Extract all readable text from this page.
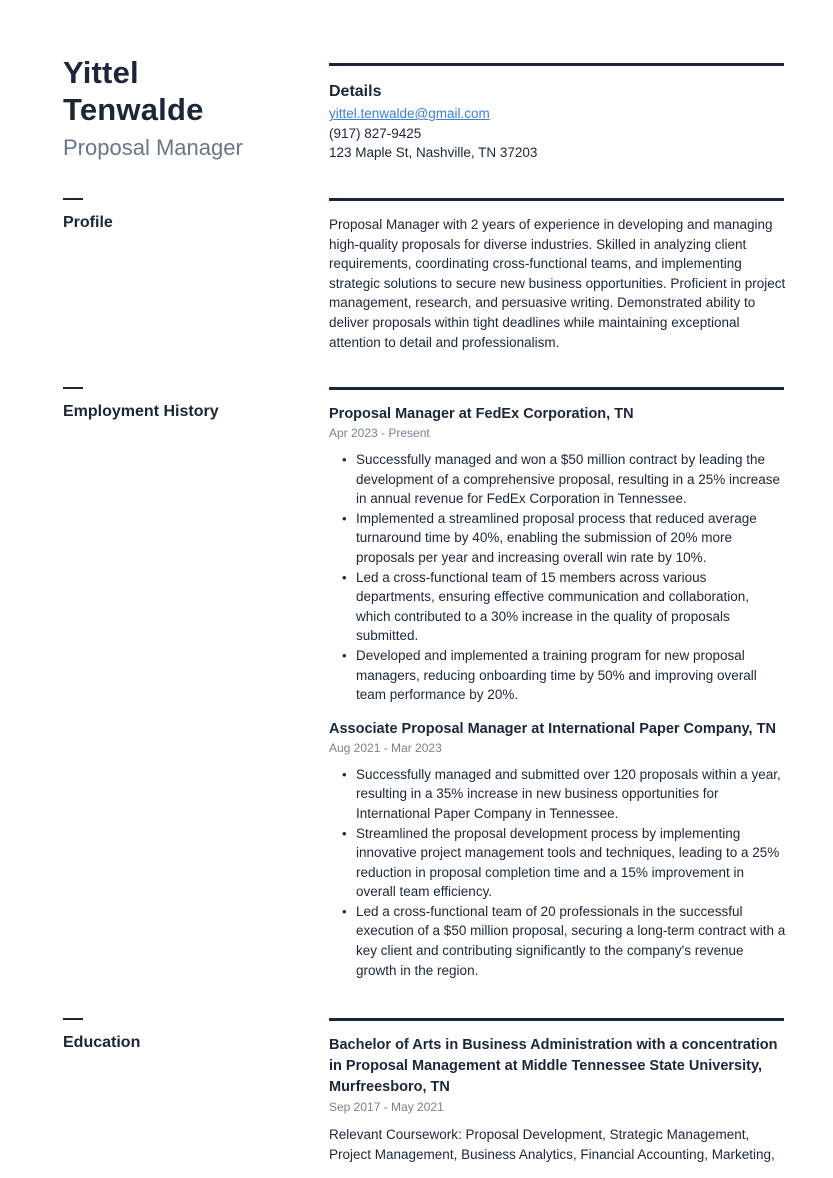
Yittel
Tenwalde
Proposal Manager
Details
yittel.tenwalde@gmail.com
(917) 827-9425
123 Maple St, Nashville, TN 37203
Profile	Proposal Manager with 2 years of experience in developing and managing high-quality proposals for diverse industries. Skilled in analyzing client requirements, coordinating cross-functional teams, and implementing strategic solutions to secure new business opportunities. Proficient in project management, research, and persuasive writing. Demonstrated ability to deliver proposals within tight deadlines while maintaining exceptional attention to detail and professionalism.
Employment History	Proposal Manager at FedEx Corporation, TN
Apr 2023 - Present
• Successfully managed and won a $50 million contract by leading the development of a comprehensive proposal, resulting in a 25% increase in annual revenue for FedEx Corporation in Tennessee.
• Implemented a streamlined proposal process that reduced average turnaround time by 40%, enabling the submission of 20% more proposals per year and increasing overall win rate by 10%.
• Led a cross-functional team of 15 members across various departments, ensuring effective communication and collaboration, which contributed to a 30% increase in the quality of proposals submitted.
• Developed and implemented a training program for new proposal managers, reducing onboarding time by 50% and improving overall team performance by 20%.
Associate Proposal Manager at International Paper Company, TN
Aug 2021 - Mar 2023
• Successfully managed and submitted over 120 proposals within a year, resulting in a 35% increase in new business opportunities for International Paper Company in Tennessee.
• Streamlined the proposal development process by implementing innovative project management tools and techniques, leading to a 25% reduction in proposal completion time and a 15% improvement in overall team efficiency.
• Led a cross-functional team of 20 professionals in the successful execution of a $50 million proposal, securing a long-term contract with a key client and contributing significantly to the company's revenue growth in the region.
Education	Bachelor of Arts in Business Administration with a concentration in Proposal Management at Middle Tennessee State University, Murfreesboro, TN
Sep 2017 - May 2021

Relevant Coursework: Proposal Development, Strategic Management, Project Management, Business Analytics, Financial Accounting, Marketing,
